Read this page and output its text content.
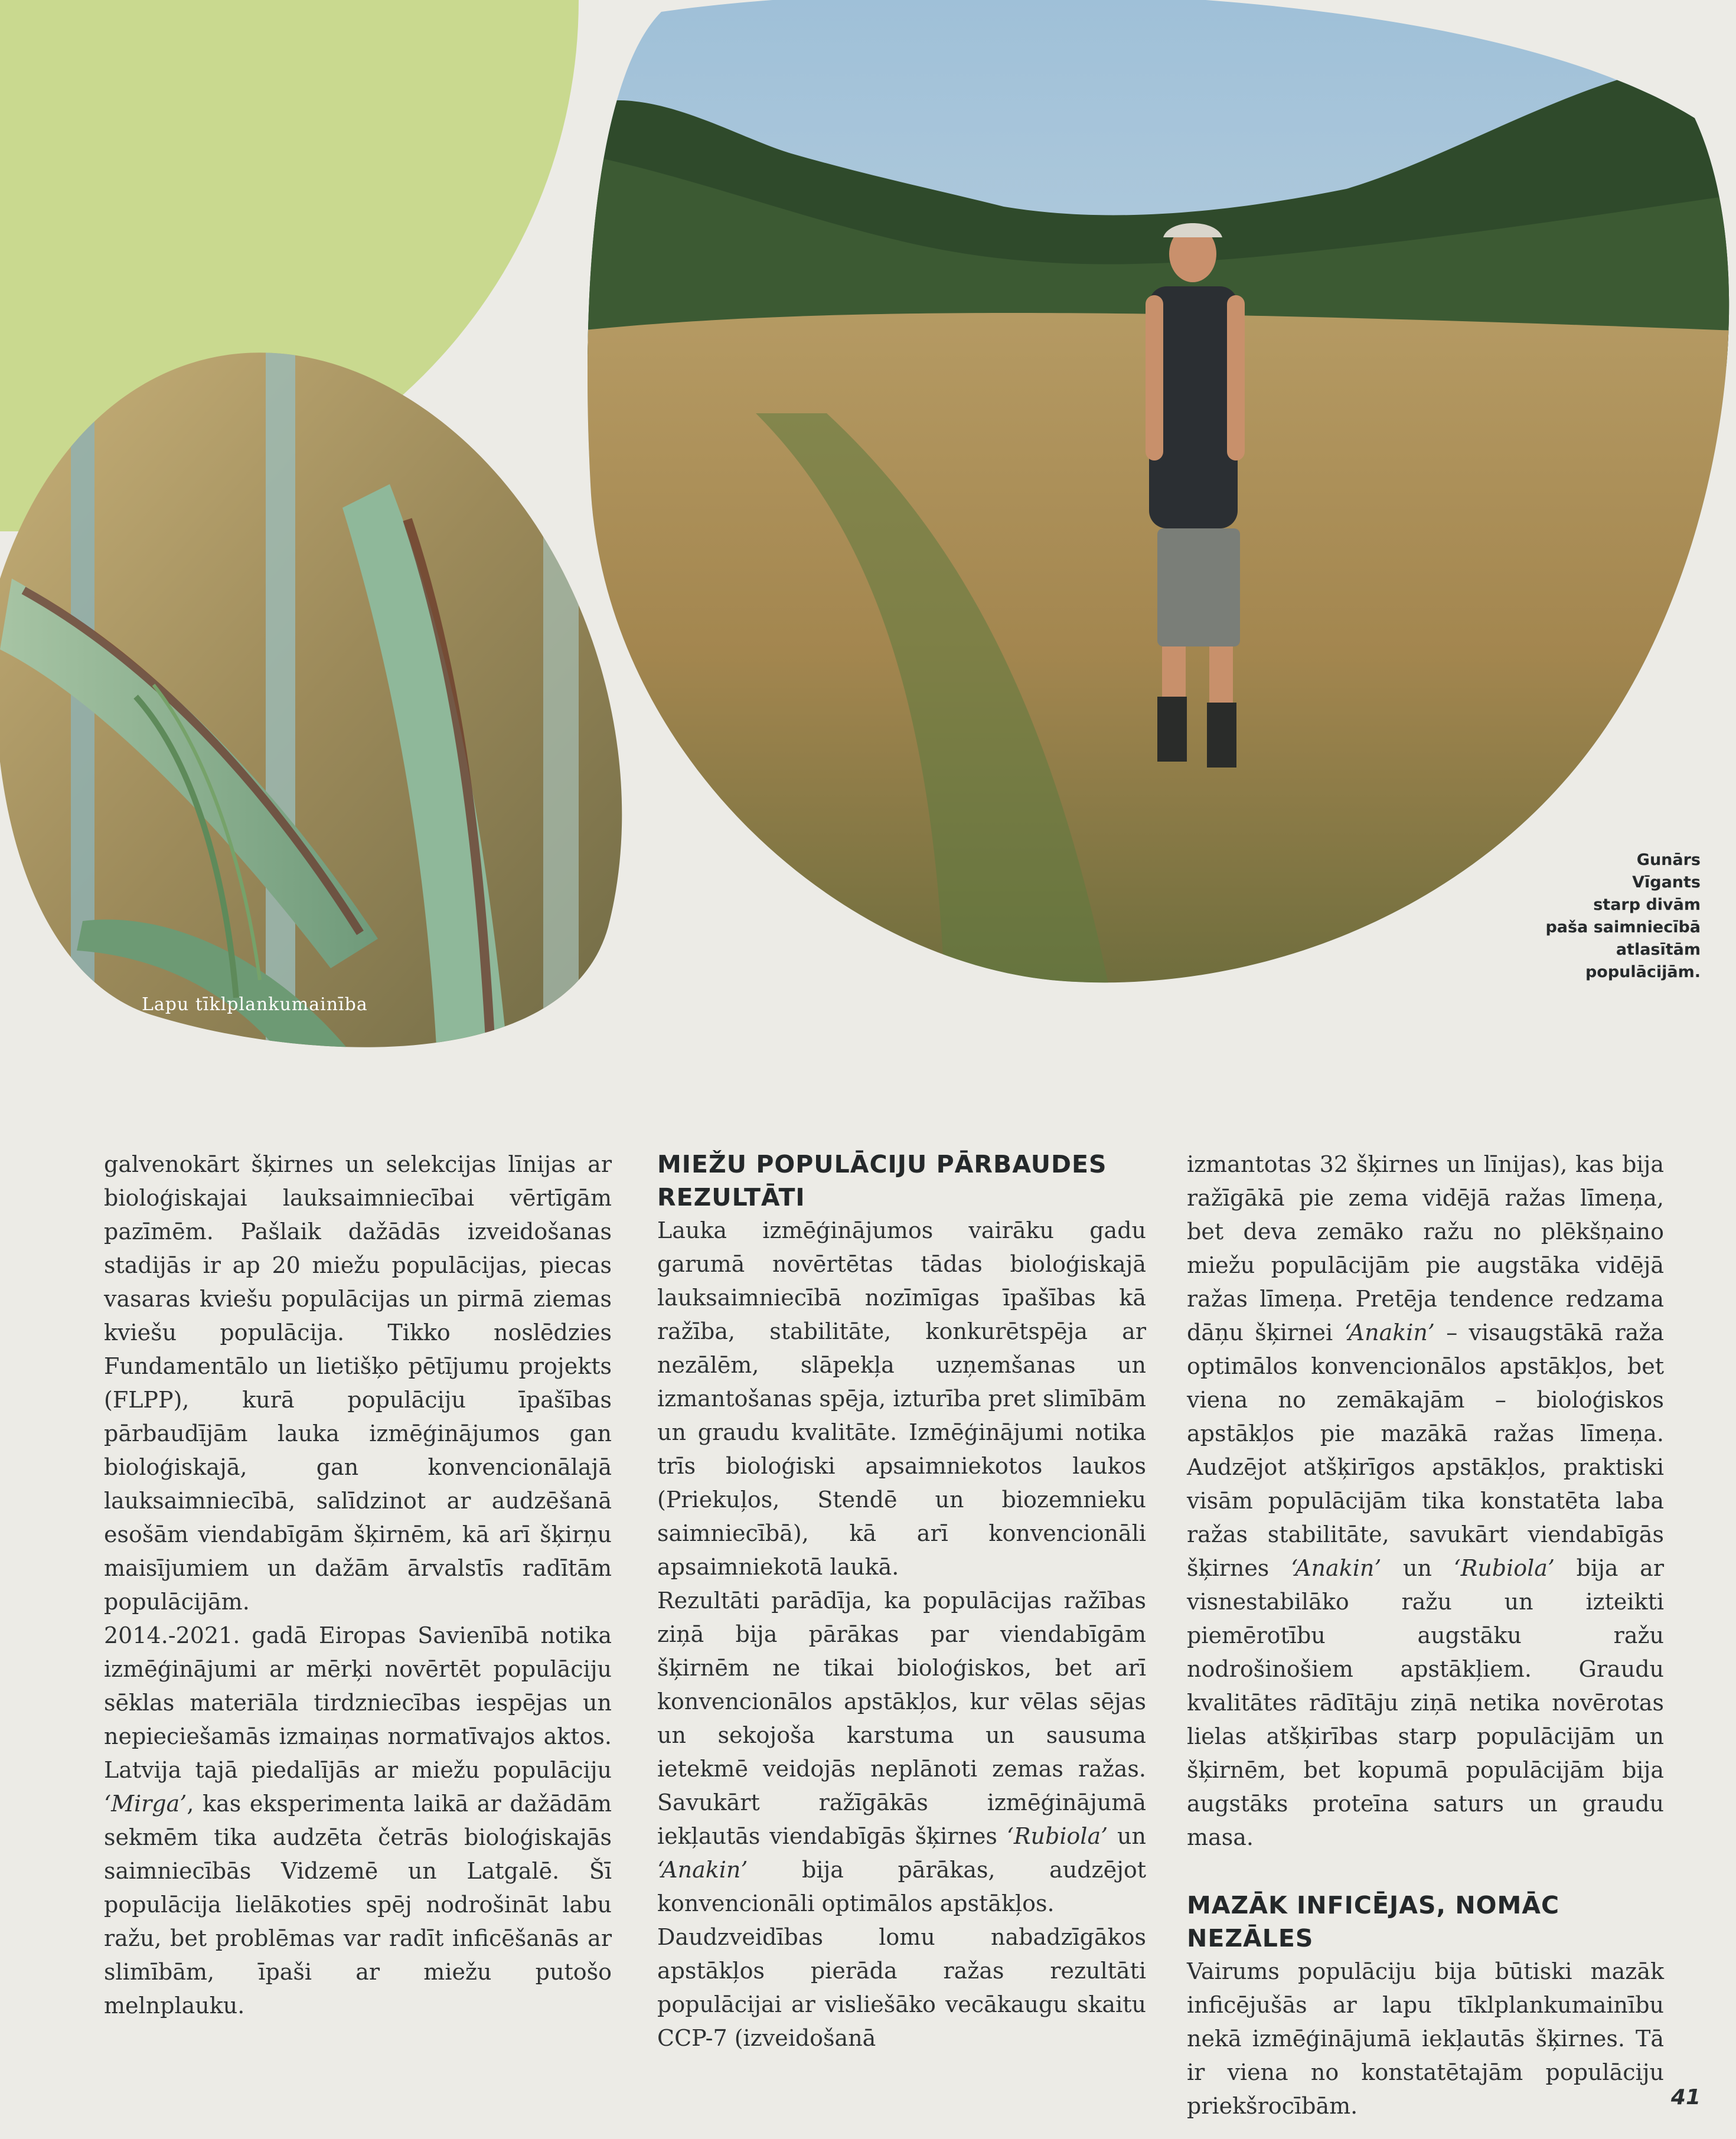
Lapu tīklplankumainība
Gunārs
Vīgants
starp divām
paša saimniecībā
atlasītām
populācijām.

galvenokārt šķirnes un selekcijas līnijas ar bioloģiskajai lauksaimniecībai vērtīgām pazīmēm. Pašlaik dažādās izveidošanas stadijās ir ap 20 miežu populācijas, piecas vasaras kviešu populācijas un pirmā ziemas kviešu populācija. Tikko noslēdzies Fundamentālo un lietišķo pētījumu projekts (FLPP), kurā populāciju īpašības pārbaudījām lauka izmēģinājumos gan bioloģiskajā, gan konvencionālajā lauksaimniecībā, salīdzinot ar audzēšanā esošām viendabīgām šķirnēm, kā arī šķirņu maisījumiem un dažām ārvalstīs radītām populācijām.

2014.-2021. gadā Eiropas Savienībā notika izmēģinājumi ar mērķi novērtēt populāciju sēklas materiāla tirdzniecības iespējas un nepieciešamās izmaiņas normatīvajos aktos. Latvija tajā piedalījās ar miežu populāciju ‘Mirga’, kas eksperimenta laikā ar dažādām sekmēm tika audzēta četrās bioloģiskajās saimniecībās Vidzemē un Latgalē. Šī populācija lielākoties spēj nodrošināt labu ražu, bet problēmas var radīt inficēšanās ar slimībām, īpaši ar miežu putošo melnplauku.

MIEŽU POPULĀCIJU PĀRBAUDES REZULTĀTI

Lauka izmēģinājumos vairāku gadu garumā novērtētas tādas bioloģiskajā lauksaimniecībā nozīmīgas īpašības kā ražība, stabilitāte, konkurētspēja ar nezālēm, slāpekļa uzņemšanas un izmantošanas spēja, izturība pret slimībām un graudu kvalitāte. Izmēģinājumi notika trīs bioloģiski apsaimniekotos laukos (Priekuļos, Stendē un biozemnieku saimniecībā), kā arī konvencionāli apsaimniekotā laukā.

Rezultāti parādīja, ka populācijas ražības ziņā bija pārākas par viendabīgām šķirnēm ne tikai bioloģiskos, bet arī konvencionālos apstākļos, kur vēlas sējas un sekojoša karstuma un sausuma ietekmē veidojās neplānoti zemas ražas. Savukārt ražīgākās izmēģinājumā iekļautās viendabīgās šķirnes ‘Rubiola’ un ‘Anakin’ bija pārākas, audzējot konvencionāli optimālos apstākļos.

Daudzveidības lomu nabadzīgākos apstākļos pierāda ražas rezultāti populācijai ar visliešāko vecākaugu skaitu CCP-7 (izveidošanā

izmantotas 32 šķirnes un līnijas), kas bija ražīgākā pie zema vidējā ražas līmeņa, bet deva zemāko ražu no plēkšņaino miežu populācijām pie augstāka vidējā ražas līmeņa. Pretēja tendence redzama dāņu šķirnei ‘Anakin’ – visaugstākā raža optimālos konvencionālos apstākļos, bet viena no zemākajām – bioloģiskos apstākļos pie mazākā ražas līmeņa. Audzējot atšķirīgos apstākļos, praktiski visām populācijām tika konstatēta laba ražas stabilitāte, savukārt viendabīgās šķirnes ‘Anakin’ un ‘Rubiola’ bija ar visnestabilāko ražu un izteikti piemērotību augstāku ražu nodrošinošiem apstākļiem. Graudu kvalitātes rādītāju ziņā netika novērotas lielas atšķirības starp populācijām un šķirnēm, bet kopumā populācijām bija augstāks proteīna saturs un graudu masa.

MAZĀK INFICĒJAS, NOMĀC NEZĀLES

Vairums populāciju bija būtiski mazāk inficējušās ar lapu tīklplankumainību nekā izmēģinājumā iekļautās šķirnes. Tā ir viena no konstatētajām populāciju priekšrocībām.	41
